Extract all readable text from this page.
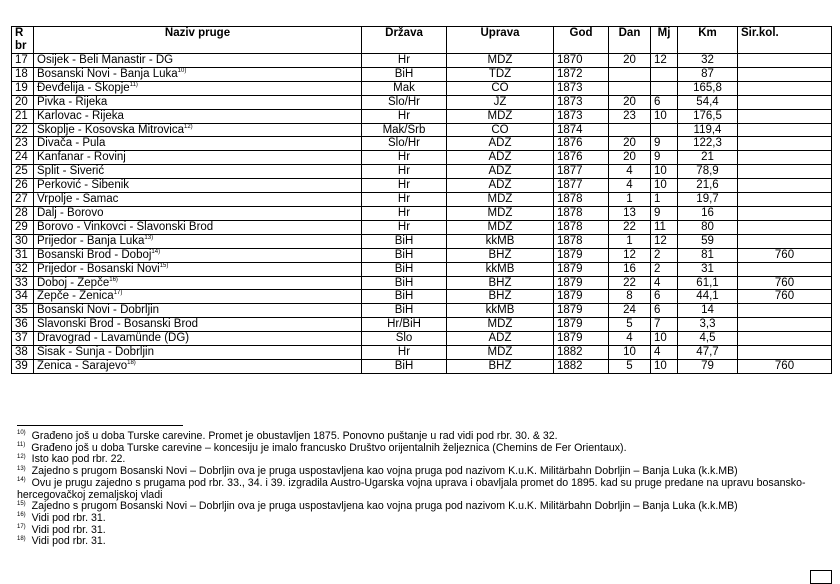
Rbr	Naziv pruge	Država	Uprava	God	Dan	Mj	Km	Šir.kol.
17	Osijek - Beli Manastir - DG	Hr	MDŽ	1870	20	12	32	
18	Bosanski Novi - Banja Luka$^{10)}$	BiH	TDŽ	1872			87	
19	Đevđelija - Skopje$^{11)}$	Mak	CO	1873			165,8	
20	Pivka - Rijeka	Slo/Hr	JŽ	1873	20	6	54,4	
21	Karlovac - Rijeka	Hr	MDŽ	1873	23	10	176,5	
22	Skoplje - Kosovska Mitrovica$^{12)}$	Mak/Srb	CO	1874			119,4	
23	Divača - Pula	Slo/Hr	ADŽ	1876	20	9	122,3	
24	Kanfanar - Rovinj	Hr	ADŽ	1876	20	9	21	
25	Split - Siverić	Hr	ADŽ	1877	4	10	78,9	
26	Perković - Šibenik	Hr	ADŽ	1877	4	10	21,6	
27	Vrpolje - Šamac	Hr	MDŽ	1878	1	1	19,7	
28	Dalj - Borovo	Hr	MDŽ	1878	13	9	16	
29	Borovo - Vinkovci - Slavonski Brod	Hr	MDŽ	1878	22	11	80	
30	Prijedor - Banja Luka$^{13)}$	BiH	kkMB	1878	1	12	59	
31	Bosanski Brod - Doboj$^{14)}$	BiH	BHŽ	1879	12	2	81	760
32	Prijedor - Bosanski Novi$^{15)}$	BiH	kkMB	1879	16	2	31	
33	Doboj - Žepče$^{16)}$	BiH	BHŽ	1879	22	4	61,1	760
34	Žepče - Zenica$^{17)}$	BiH	BHŽ	1879	8	6	44,1	760
35	Bosanski Novi - Dobrljin	BiH	kkMB	1879	24	6	14	
36	Slavonski Brod - Bosanski Brod	Hr/BiH	MDŽ	1879	5	7	3,3	
37	Dravograd - Lavamünde (DG)	Slo	ADŽ	1879	4	10	4,5	
38	Sisak - Sunja - Dobrljin	Hr	MDŽ	1882	10	4	47,7	
39	Zenica - Sarajevo$^{18)}$	BiH	BHŽ	1882	5	10	79	760
$^{10)}$ Građeno još u doba Turske carevine. Promet je obustavljen 1875. Ponovno puštanje u rad vidi pod rbr. 30. & 32.
$^{11)}$ Građeno još u doba Turske carevine – koncesiju je imalo francusko Društvo orijentalnih željeznica (Chemins de Fer Orientaux).
$^{12)}$ Isto kao pod rbr. 22.
$^{13)}$ Zajedno s prugom Bosanski Novi – Dobrljin ova je pruga uspostavljena kao vojna pruga pod nazivom K.u.K. Militärbahn Dobrljin – Banja Luka (k.k.MB)
$^{14)}$ Ovu je prugu zajedno s prugama pod rbr. 33., 34. i 39. izgradila Austro-Ugarska vojna uprava i obavljala promet do 1895. kad su pruge predane na upravu bosansko-hercegovačkoj zemaljskoj vladi
$^{15)}$ Zajedno s prugom Bosanski Novi – Dobrljin ova je pruga uspostavljena kao vojna pruga pod nazivom K.u.K. Militärbahn Dobrljin – Banja Luka (k.k.MB)
$^{16)}$ Vidi pod rbr. 31.
$^{17)}$ Vidi pod rbr. 31.
$^{18)}$ Vidi pod rbr. 31.
